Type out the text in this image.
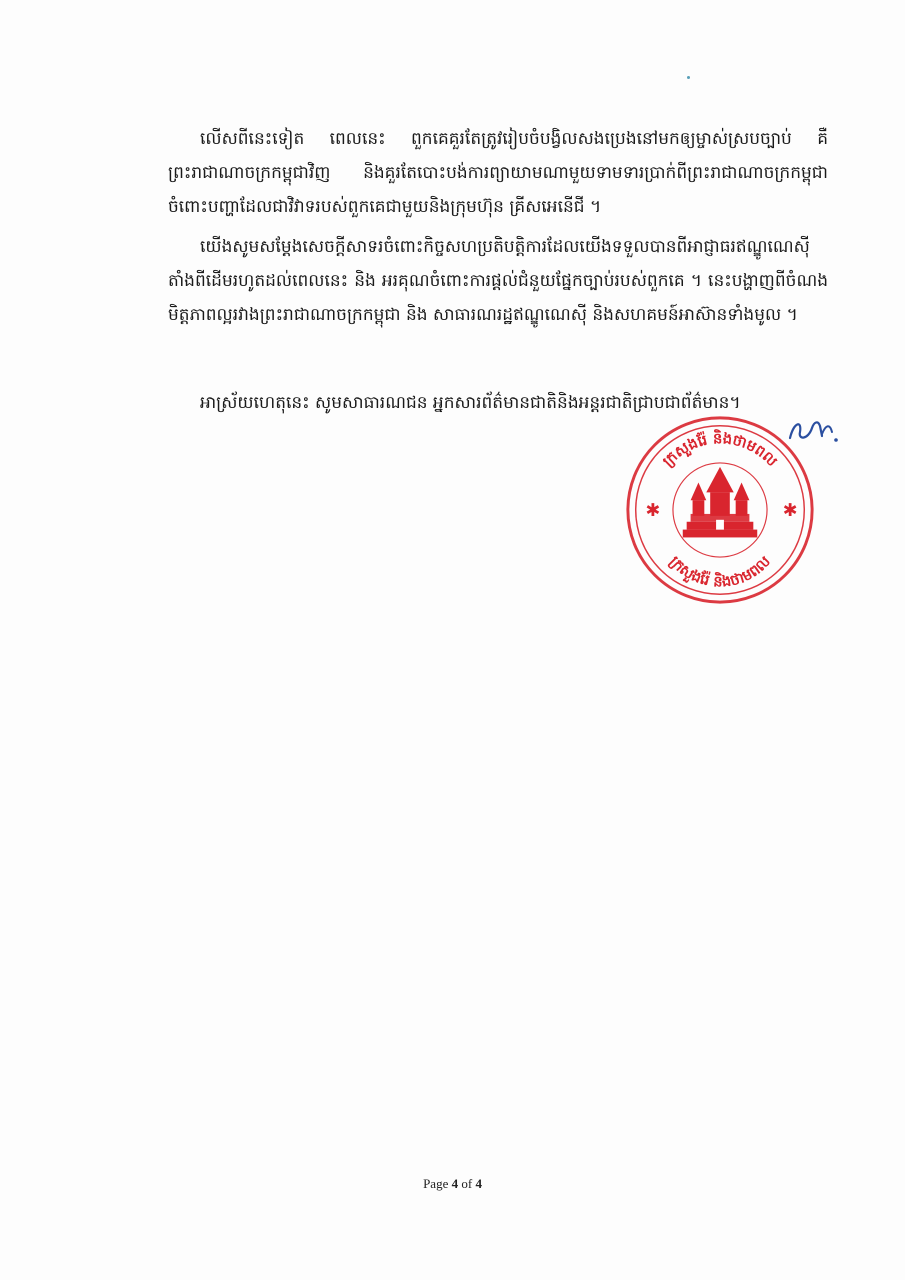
លើសពីនេះទៀត ពេលនេះ ពួកគេគួរតែត្រូវរៀបចំបង្វិលសងប្រេងនៅមកឲ្យម្ចាស់ស្របច្បាប់ គឺព្រះរាជាណាចក្រកម្ពុជាវិញ និងគួរតែបោះបង់ការព្យាយាមណាមួយទាមទារប្រាក់ពីព្រះរាជាណាចក្រកម្ពុជា ចំពោះបញ្ហាដែលជាវិវាទរបស់ពួកគេជាមួយនិងក្រុមហ៊ុន គ្រីសអេនើជី ។

យើងសូមសម្តែងសេចក្តីសាទរចំពោះកិច្ចសហប្រតិបត្តិការដែលយើងទទួលបានពីអាជ្ញាធរឥណ្ឌូណេស៊ីតាំងពីដើមរហូតដល់ពេលនេះ និង អរគុណចំពោះការផ្តល់ជំនួយផ្នែកច្បាប់របស់ពួកគេ ។ នេះបង្ហាញពីចំណងមិត្តភាពល្អរវាងព្រះរាជាណាចក្រកម្ពុជា និង សាធារណរដ្ឋឥណ្ឌូណេស៊ី និងសហគមន៍អាស៊ានទាំងមូល ។

អាស្រ័យហេតុនេះ សូមសាធារណជន អ្នកសារព័ត៌មានជាតិនិងអន្តរជាតិជ្រាបជាព័ត៌មាន។

ក្រសួងរ៉ែ និងថាមពល
ក្រសួងរ៉ែ និងថាមពល
✱	✱
Page 4 of 4
